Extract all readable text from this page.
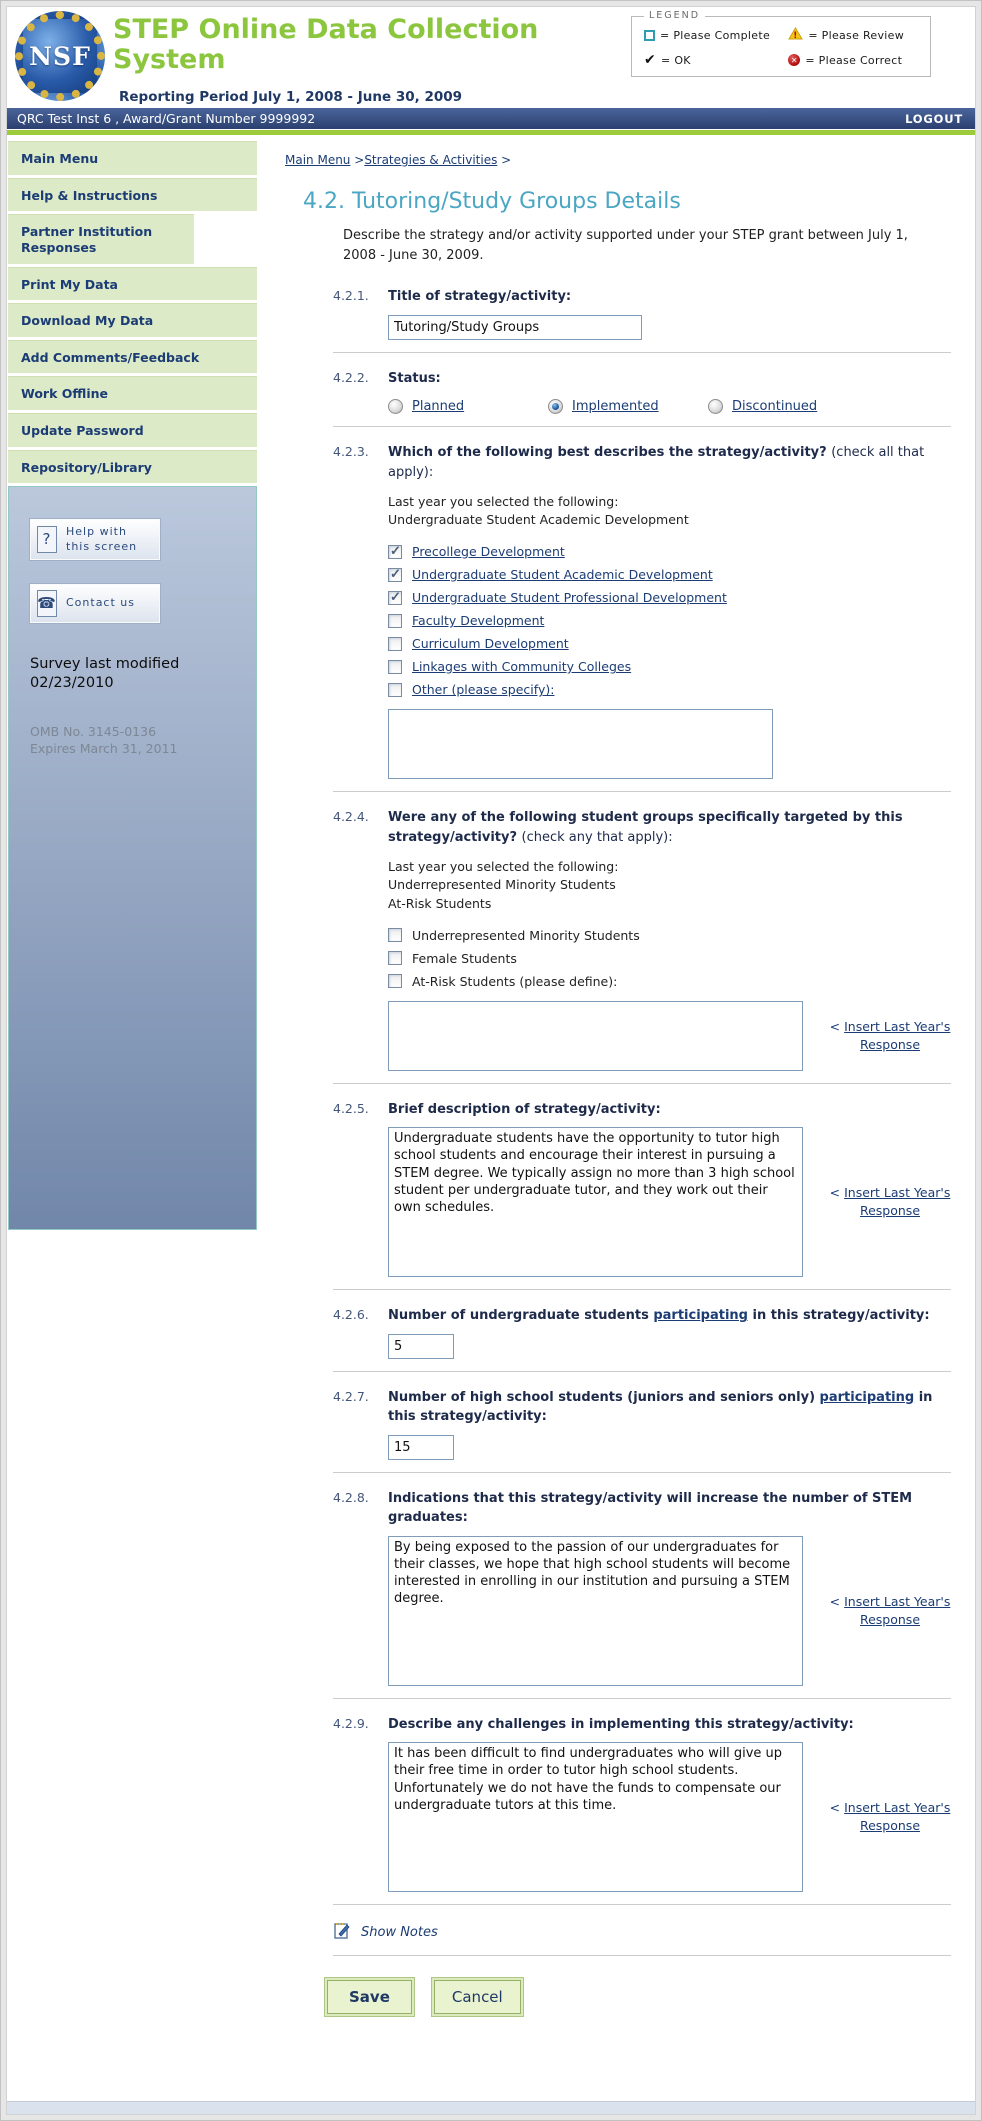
NSF
STEP Online Data Collection System
Reporting Period July 1, 2008 - June 30, 2009
LEGEND
= Please Complete	! = Please Review
✔ = OK	✕ = Please Correct
QRC Test Inst 6 , Award/Grant Number 9999992	LOGOUT
Main Menu
Help & Instructions
Partner Institution Responses
Print My Data
Download My Data
Add Comments/Feedback
Work Offline
Update Password
Repository/Library
?	Help with this screen
☎ Contact us
Survey last modified 02/23/2010
OMB No. 3145-0136
Expires March 31, 2011
Main Menu >Strategies & Activities >
4.2. Tutoring/Study Groups Details
Describe the strategy and/or activity supported under your STEP grant between July 1, 2008 - June 30, 2009.
4.2.1. Title of strategy/activity:
Tutoring/Study Groups
4.2.2. Status:
Planned	Implemented	Discontinued
4.2.3. Which of the following best describes the strategy/activity? (check all that apply):
Last year you selected the following:
Undergraduate Student Academic Development
Precollege Development
Undergraduate Student Academic Development
Undergraduate Student Professional Development
Faculty Development
Curriculum Development
Linkages with Community Colleges
Other (please specify):
4.2.4. Were any of the following student groups specifically targeted by this strategy/activity? (check any that apply):
Last year you selected the following:
Underrepresented Minority Students
At-Risk Students
Underrepresented Minority Students
Female Students
At-Risk Students (please define):
< Insert Last Year's Response
4.2.5. Brief description of strategy/activity:
Undergraduate students have the opportunity to tutor high school students and encourage their interest in pursuing a STEM degree. We typically assign no more than 3 high school student per undergraduate tutor, and they work out their own schedules.
< Insert Last Year's Response
4.2.6. Number of undergraduate students participating in this strategy/activity:
5
4.2.7. Number of high school students (juniors and seniors only) participating in this strategy/activity:
15
4.2.8. Indications that this strategy/activity will increase the number of STEM graduates:
By being exposed to the passion of our undergraduates for their classes, we hope that high school students will become interested in enrolling in our institution and pursuing a STEM degree.
< Insert Last Year's Response
4.2.9. Describe any challenges in implementing this strategy/activity:
It has been difficult to find undergraduates who will give up their free time in order to tutor high school students. Unfortunately we do not have the funds to compensate our undergraduate tutors at this time.
< Insert Last Year's Response
Show Notes
Save	Cancel
